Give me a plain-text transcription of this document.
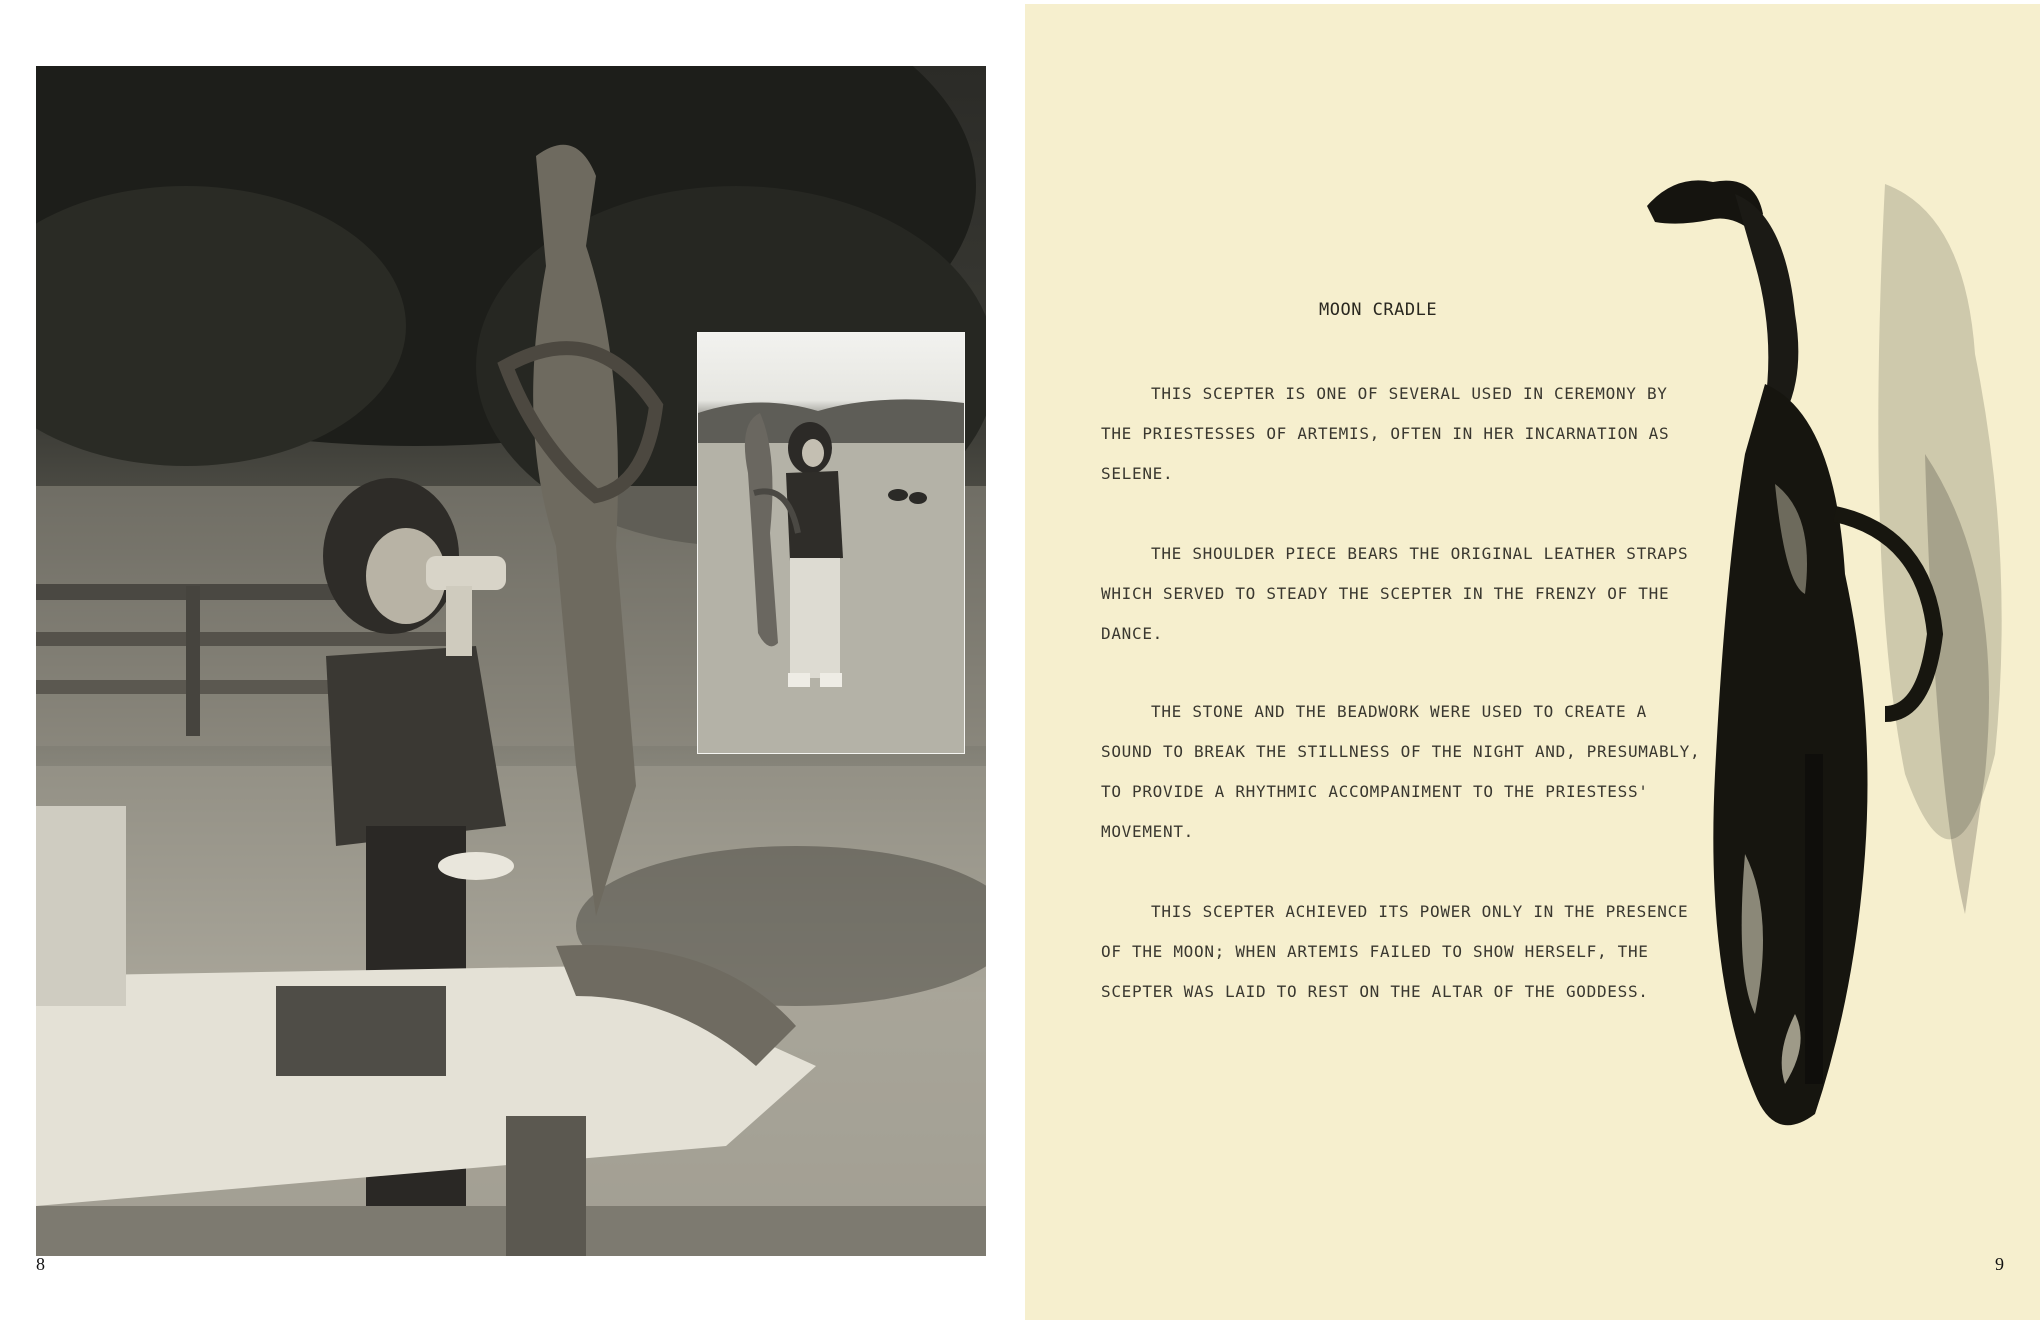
8
MOON CRADLE
THIS SCEPTER IS ONE OF SEVERAL USED IN CEREMONY BY
THE PRIESTESSES OF ARTEMIS, OFTEN IN HER INCARNATION AS
SELENE.
THE SHOULDER PIECE BEARS THE ORIGINAL LEATHER STRAPS
WHICH SERVED TO STEADY THE SCEPTER IN THE FRENZY OF THE
DANCE.
THE STONE AND THE BEADWORK WERE USED TO CREATE A
SOUND TO BREAK THE STILLNESS OF THE NIGHT AND, PRESUMABLY,
TO PROVIDE A RHYTHMIC ACCOMPANIMENT TO THE PRIESTESS'
MOVEMENT.
THIS SCEPTER ACHIEVED ITS POWER ONLY IN THE PRESENCE
OF THE MOON; WHEN ARTEMIS FAILED TO SHOW HERSELF, THE
SCEPTER WAS LAID TO REST ON THE ALTAR OF THE GODDESS.
9
